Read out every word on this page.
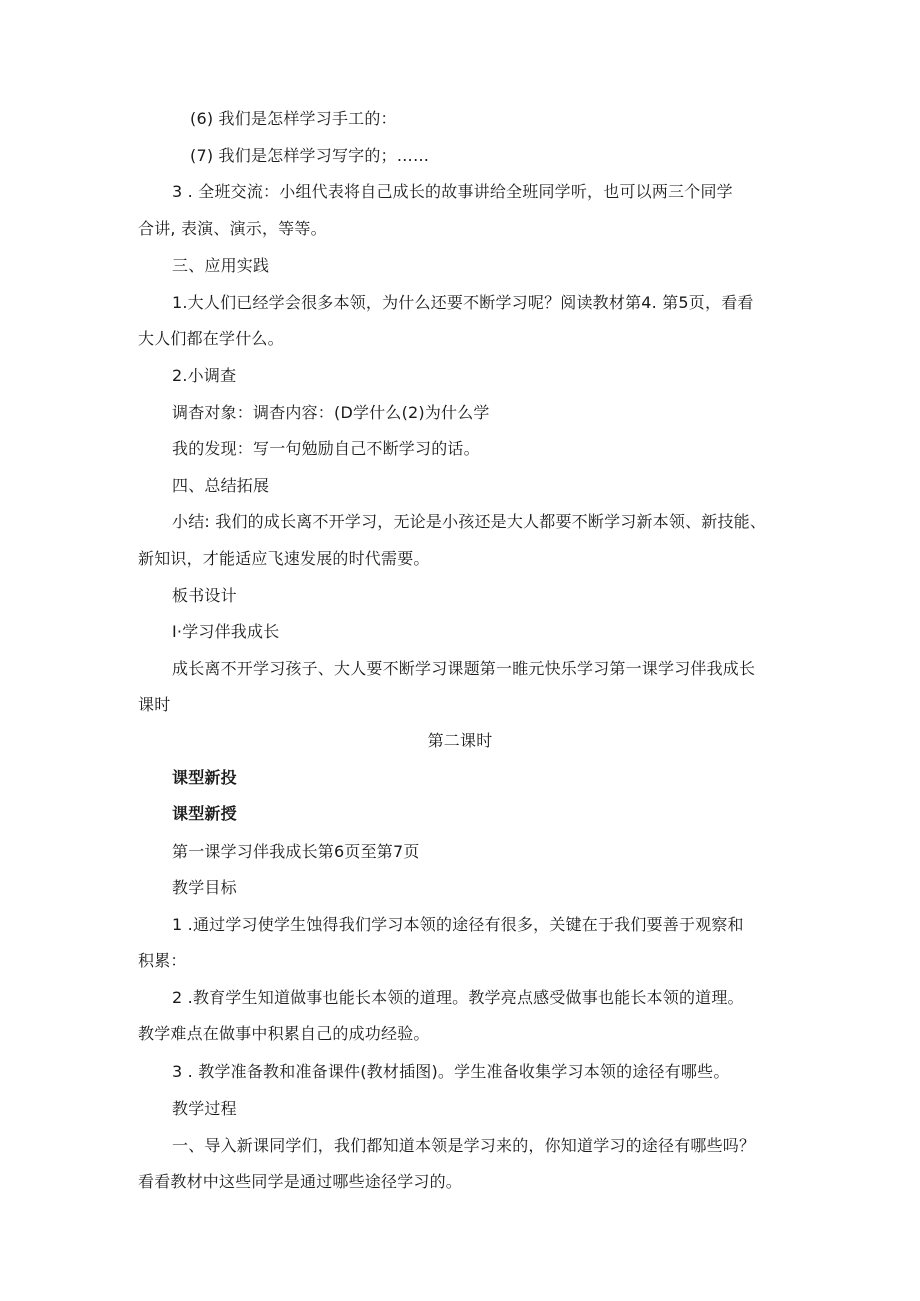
(6) 我们是怎样学习手工的：
(7) 我们是怎样学习写字的；……
3 . 全班交流：小组代表将自己成长的故事讲给全班同学听，也可以两三个同学
合讲, 表演、演示，等等。
三、应用实践
1.大人们已经学会很多本领，为什么还要不断学习呢？阅读教材第4. 第5页，看看
大人们都在学什么。
2.小调查
调杳对象：调杳内容：(D学什么(2)为什么学
我的发现：写一句勉励自己不断学习的话。
四、总结拓展
小结: 我们的成长离不开学习，无论是小孩还是大人都要不断学习新本领、新技能、
新知识，才能适应飞速发展的时代需要。
板书设计
I·学习伴我成长
成长离不开学习孩子、大人要不断学习课题第一睢元快乐学习第一课学习伴我成长
课时
第二课时
课型新投
课型新授
第一课学习伴我成长第6页至第7页
教学目标
1 .通过学习使学生蚀得我们学习本领的途径有很多，关键在于我们要善于观察和
积累：
2 .教育学生知道做事也能长本领的道理。教学亮点感受做事也能长本领的道理。
教学难点在做事中积累自己的成功经验。
3 . 教学准备教和准备课件(教材插图)。学生准备收集学习本领的途径有哪些。
教学过程
一、导入新课同学们，我们都知道本领是学习来的，你知道学习的途径有哪些吗？
看看教材中这些同学是通过哪些途径学习的。
